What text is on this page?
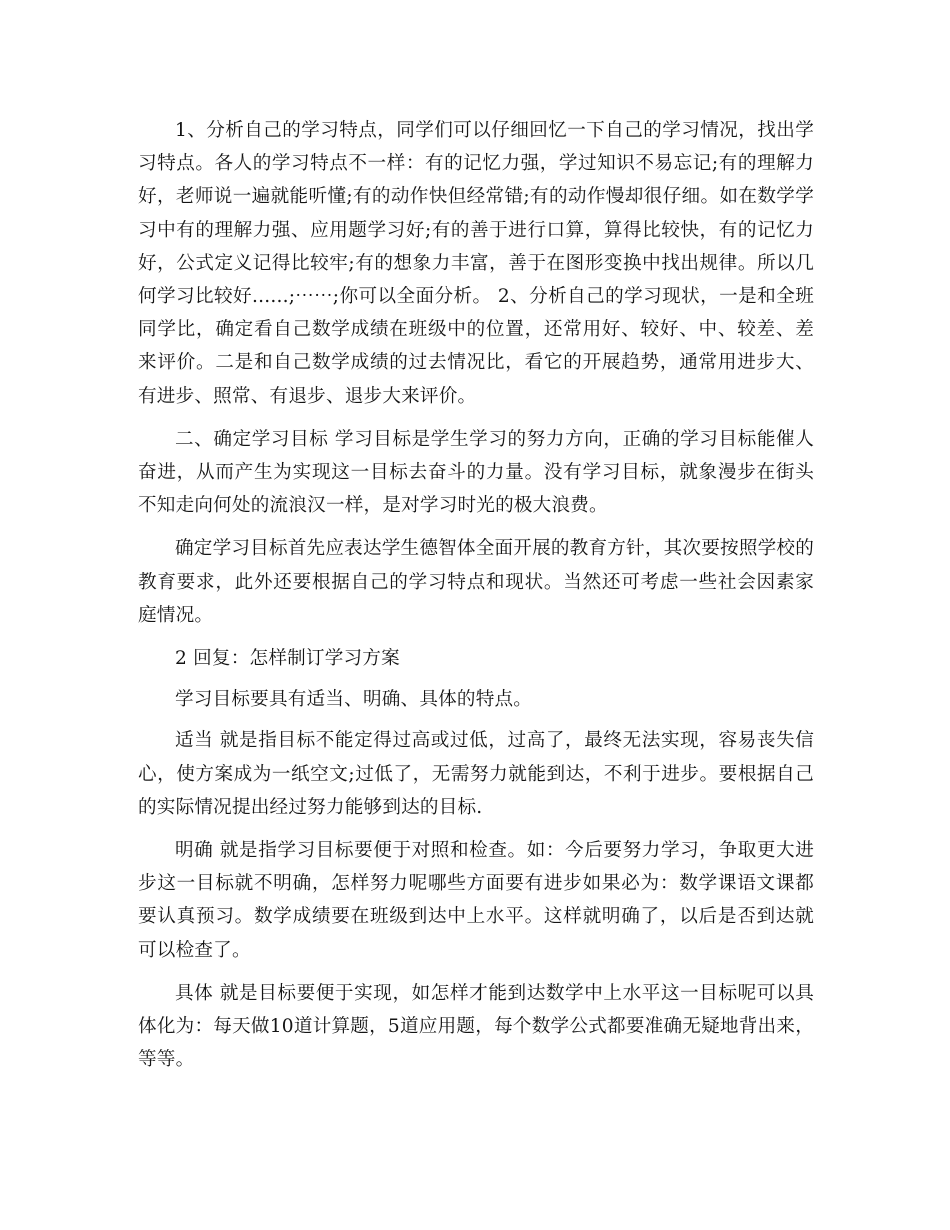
1、分析自己的学习特点，同学们可以仔细回忆一下自己的学习情况，找出学习特点。各人的学习特点不一样：有的记忆力强，学过知识不易忘记;有的理解力好，老师说一遍就能听懂;有的动作快但经常错;有的动作慢却很仔细。如在数学学习中有的理解力强、应用题学习好;有的善于进行口算，算得比较快，有的记忆力好，公式定义记得比较牢;有的想象力丰富，善于在图形变换中找出规律。所以几何学习比较好......;⋯⋯;你可以全面分析。 2、分析自己的学习现状，一是和全班同学比，确定看自己数学成绩在班级中的位置，还常用好、较好、中、较差、差来评价。二是和自己数学成绩的过去情况比，看它的开展趋势，通常用进步大、有进步、照常、有退步、退步大来评价。

二、确定学习目标 学习目标是学生学习的努力方向，正确的学习目标能催人奋进，从而产生为实现这一目标去奋斗的力量。没有学习目标，就象漫步在街头不知走向何处的流浪汉一样，是对学习时光的极大浪费。

确定学习目标首先应表达学生德智体全面开展的教育方针，其次要按照学校的教育要求，此外还要根据自己的学习特点和现状。当然还可考虑一些社会因素家庭情况。

2 回复：怎样制订学习方案

学习目标要具有适当、明确、具体的特点。

适当 就是指目标不能定得过高或过低，过高了，最终无法实现，容易丧失信心，使方案成为一纸空文;过低了，无需努力就能到达，不利于进步。要根据自己的实际情况提出经过努力能够到达的目标.

明确 就是指学习目标要便于对照和检查。如：今后要努力学习，争取更大进步这一目标就不明确，怎样努力呢哪些方面要有进步如果必为：数学课语文课都要认真预习。数学成绩要在班级到达中上水平。这样就明确了，以后是否到达就可以检查了。

具体 就是目标要便于实现，如怎样才能到达数学中上水平这一目标呢可以具体化为：每天做10道计算题，5道应用题，每个数学公式都要准确无疑地背出来，等等。
